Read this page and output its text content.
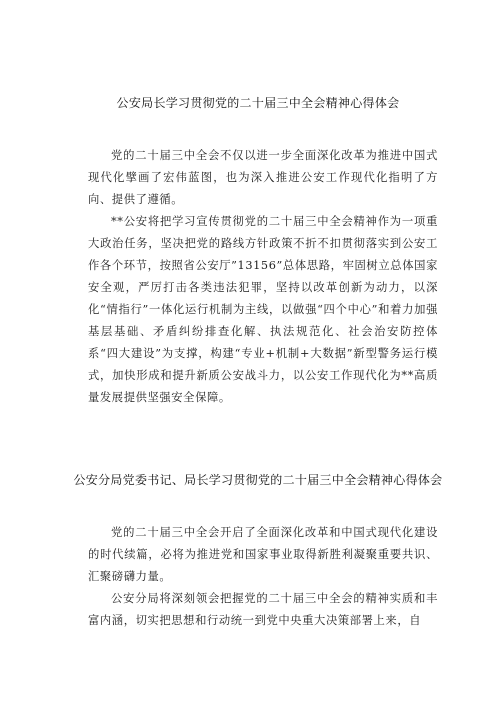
公安局长学习贯彻党的二十届三中全会精神心得体会

党的二十届三中全会不仅以进一步全面深化改革为推进中国式现代化擘画了宏伟蓝图，也为深入推进公安工作现代化指明了方向、提供了遵循。

**公安将把学习宣传贯彻党的二十届三中全会精神作为一项重大政治任务，坚决把党的路线方针政策不折不扣贯彻落实到公安工作各个环节，按照省公安厅”13156”总体思路，牢固树立总体国家安全观，严厉打击各类违法犯罪，坚持以改革创新为动力，以深化“情指行”一体化运行机制为主线，以做强“四个中心”和着力加强基层基础、矛盾纠纷排查化解、执法规范化、社会治安防控体系“四大建设”为支撑，构建“专业+机制+大数据”新型警务运行模式，加快形成和提升新质公安战斗力，以公安工作现代化为**高质量发展提供坚强安全保障。

公安分局党委书记、局长学习贯彻党的二十届三中全会精神心得体会

党的二十届三中全会开启了全面深化改革和中国式现代化建设的时代续篇，必将为推进党和国家事业取得新胜利凝聚重要共识、汇聚磅礴力量。

公安分局将深刻领会把握党的二十届三中全会的精神实质和丰富内涵，切实把思想和行动统一到党中央重大决策部署上来，自
